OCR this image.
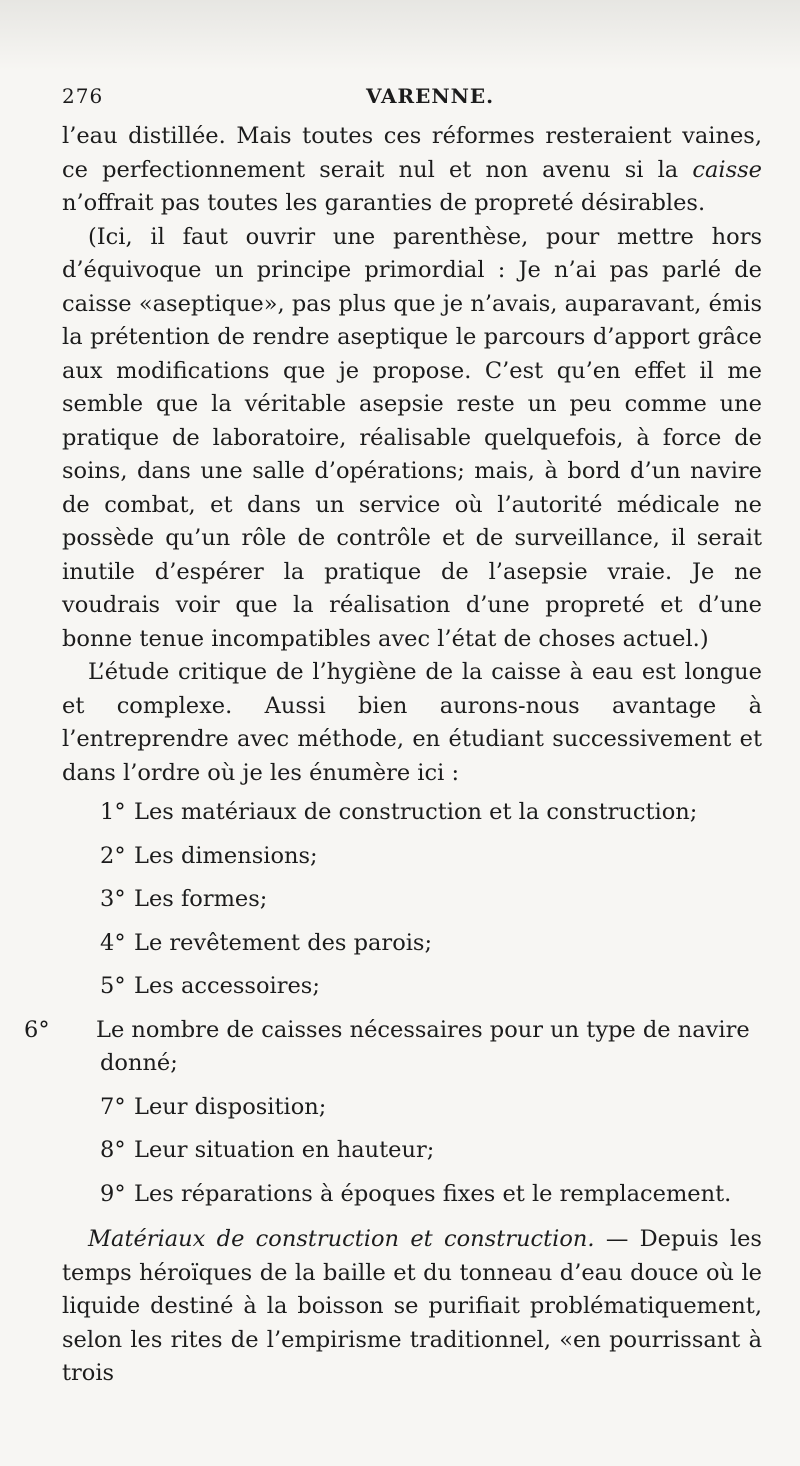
276	VARENNE.

l’eau distillée. Mais toutes ces réformes resteraient vaines, ce perfectionnement serait nul et non avenu si la caisse n’offrait pas toutes les garanties de propreté désirables.

(Ici, il faut ouvrir une parenthèse, pour mettre hors d’équivoque un principe primordial : Je n’ai pas parlé de caisse «aseptique», pas plus que je n’avais, auparavant, émis la prétention de rendre aseptique le parcours d’apport grâce aux modifications que je propose. C’est qu’en effet il me semble que la véritable asepsie reste un peu comme une pratique de laboratoire, réalisable quelquefois, à force de soins, dans une salle d’opérations; mais, à bord d’un navire de combat, et dans un service où l’autorité médicale ne possède qu’un rôle de contrôle et de surveillance, il serait inutile d’espérer la pratique de l’asepsie vraie. Je ne voudrais voir que la réalisation d’une propreté et d’une bonne tenue incompatibles avec l’état de choses actuel.)

L’étude critique de l’hygiène de la caisse à eau est longue et complexe. Aussi bien aurons-nous avantage à l’entreprendre avec méthode, en étudiant successivement et dans l’ordre où je les énumère ici :

1° Les matériaux de construction et la construction;
2° Les dimensions;
3° Les formes;
4° Le revêtement des parois;
5° Les accessoires;
6° Le nombre de caisses nécessaires pour un type de navire donné;
7° Leur disposition;
8° Leur situation en hauteur;
9° Les réparations à époques fixes et le remplacement.

Matériaux de construction et construction. — Depuis les temps héroïques de la baille et du tonneau d’eau douce où le liquide destiné à la boisson se purifiait problématiquement, selon les rites de l’empirisme traditionnel, «en pourrissant à trois
